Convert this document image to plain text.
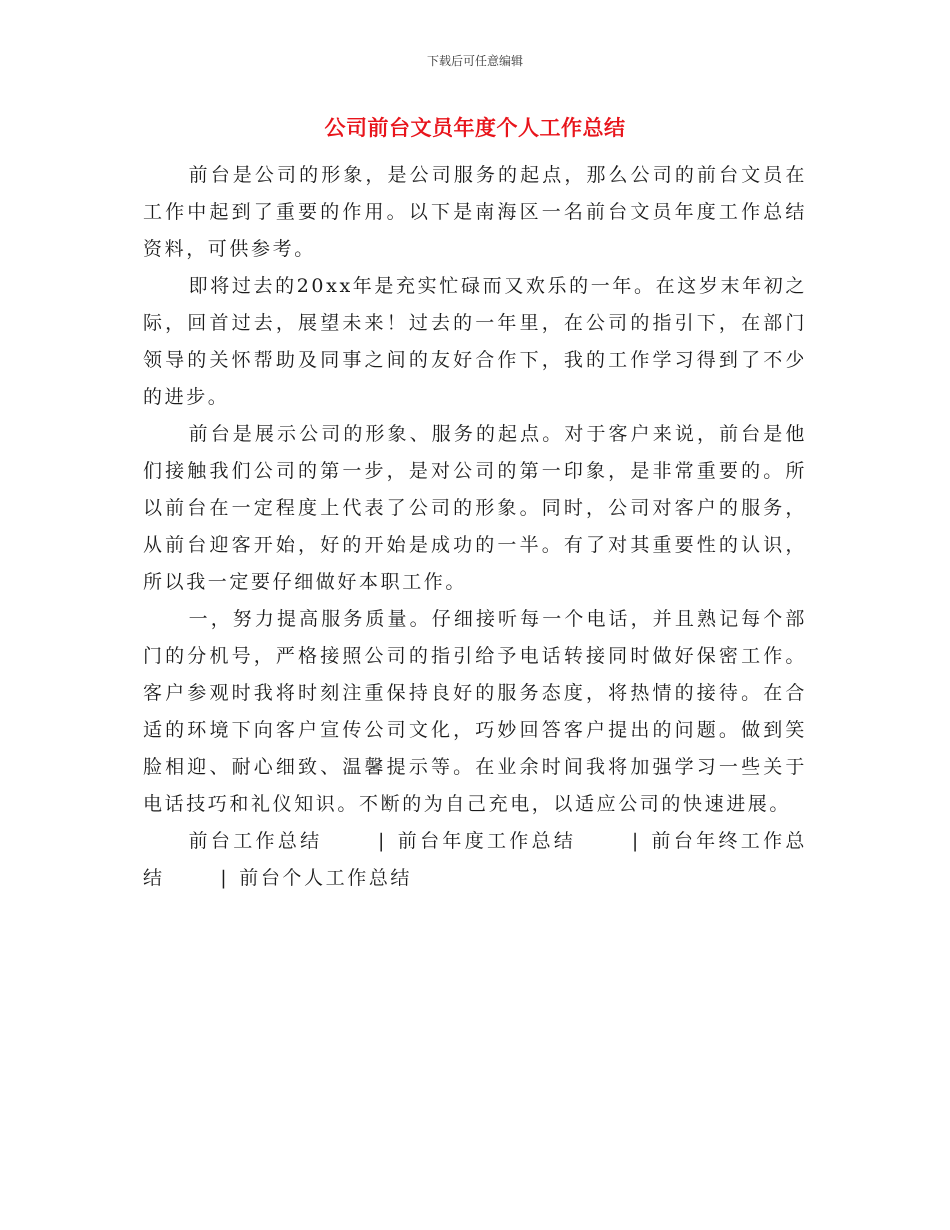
下载后可任意编辑
公司前台文员年度个人工作总结

前台是公司的形象，是公司服务的起点，那么公司的前台文员在工作中起到了重要的作用。以下是南海区一名前台文员年度工作总结资料，可供参考。

即将过去的20xx年是充实忙碌而又欢乐的一年。在这岁末年初之际，回首过去，展望未来！过去的一年里，在公司的指引下，在部门领导的关怀帮助及同事之间的友好合作下，我的工作学习得到了不少的进步。

前台是展示公司的形象、服务的起点。对于客户来说，前台是他们接触我们公司的第一步，是对公司的第一印象，是非常重要的。所以前台在一定程度上代表了公司的形象。同时，公司对客户的服务，从前台迎客开始，好的开始是成功的一半。有了对其重要性的认识，所以我一定要仔细做好本职工作。

一，努力提高服务质量。仔细接听每一个电话，并且熟记每个部门的分机号，严格接照公司的指引给予电话转接同时做好保密工作。客户参观时我将时刻注重保持良好的服务态度，将热情的接待。在合适的环境下向客户宣传公司文化，巧妙回答客户提出的问题。做到笑脸相迎、耐心细致、温馨提示等。在业余时间我将加强学习一些关于电话技巧和礼仪知识。不断的为自己充电，以适应公司的快速进展。

前台工作总结	| 前台年度工作总结	| 前台年终工作总结	| 前台个人工作总结
